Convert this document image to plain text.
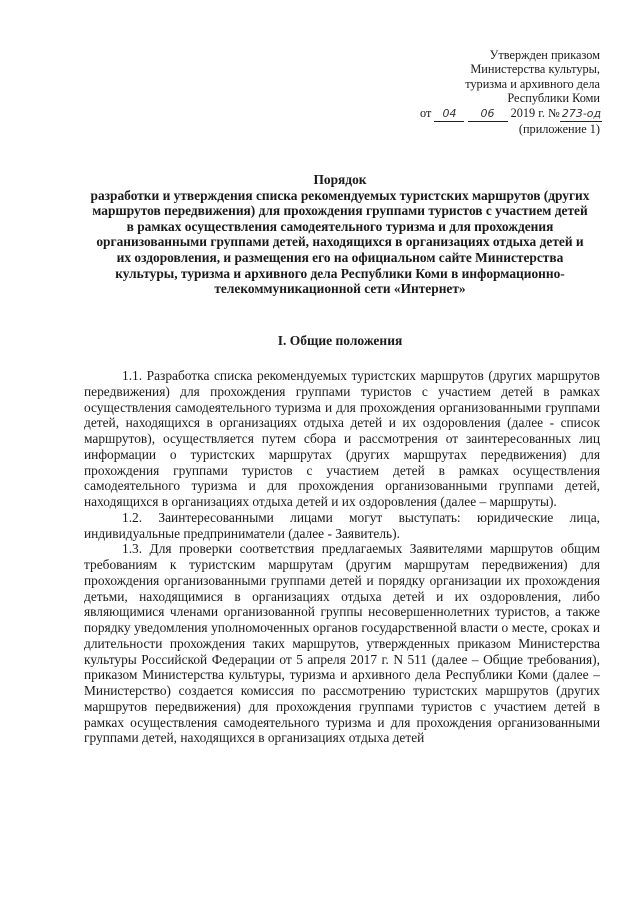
Утвержден приказом
Министерства культуры,
туризма и архивного дела
Республики Коми
от 04 06 2019 г. № 273-од
(приложение 1)
Порядок
разработки и утверждения списка рекомендуемых туристских маршрутов (других маршрутов передвижения) для прохождения группами туристов с участием детей в рамках осуществления самодеятельного туризма и для прохождения организованными группами детей, находящихся в организациях отдыха детей и их оздоровления, и размещения его на официальном сайте Министерства культуры, туризма и архивного дела Республики Коми в информационно-телекоммуникационной сети «Интернет»
I. Общие положения

1.1. Разработка списка рекомендуемых туристских маршрутов (других маршрутов передвижения) для прохождения группами туристов с участием детей в рамках осуществления самодеятельного туризма и для прохождения организованными группами детей, находящихся в организациях отдыха детей и их оздоровления (далее - список маршрутов), осуществляется путем сбора и рассмотрения от заинтересованных лиц информации о туристских маршрутах (других маршрутах передвижения) для прохождения группами туристов с участием детей в рамках осуществления самодеятельного туризма и для прохождения организованными группами детей, находящихся в организациях отдыха детей и их оздоровления (далее – маршруты).

1.2. Заинтересованными лицами могут выступать: юридические лица, индивидуальные предприниматели (далее - Заявитель).

1.3. Для проверки соответствия предлагаемых Заявителями маршрутов общим требованиям к туристским маршрутам (другим маршрутам передвижения) для прохождения организованными группами детей и порядку организации их прохождения детьми, находящимися в организациях отдыха детей и их оздоровления, либо являющимися членами организованной группы несовершеннолетних туристов, а также порядку уведомления уполномоченных органов государственной власти о месте, сроках и длительности прохождения таких маршрутов, утвержденных приказом Министерства культуры Российской Федерации от 5 апреля 2017 г. N 511 (далее – Общие требования), приказом Министерства культуры, туризма и архивного дела Республики Коми (далее – Министерство) создается комиссия по рассмотрению туристских маршрутов (других маршрутов передвижения) для прохождения группами туристов с участием детей в рамках осуществления самодеятельного туризма и для прохождения организованными группами детей, находящихся в организациях отдыха детей
